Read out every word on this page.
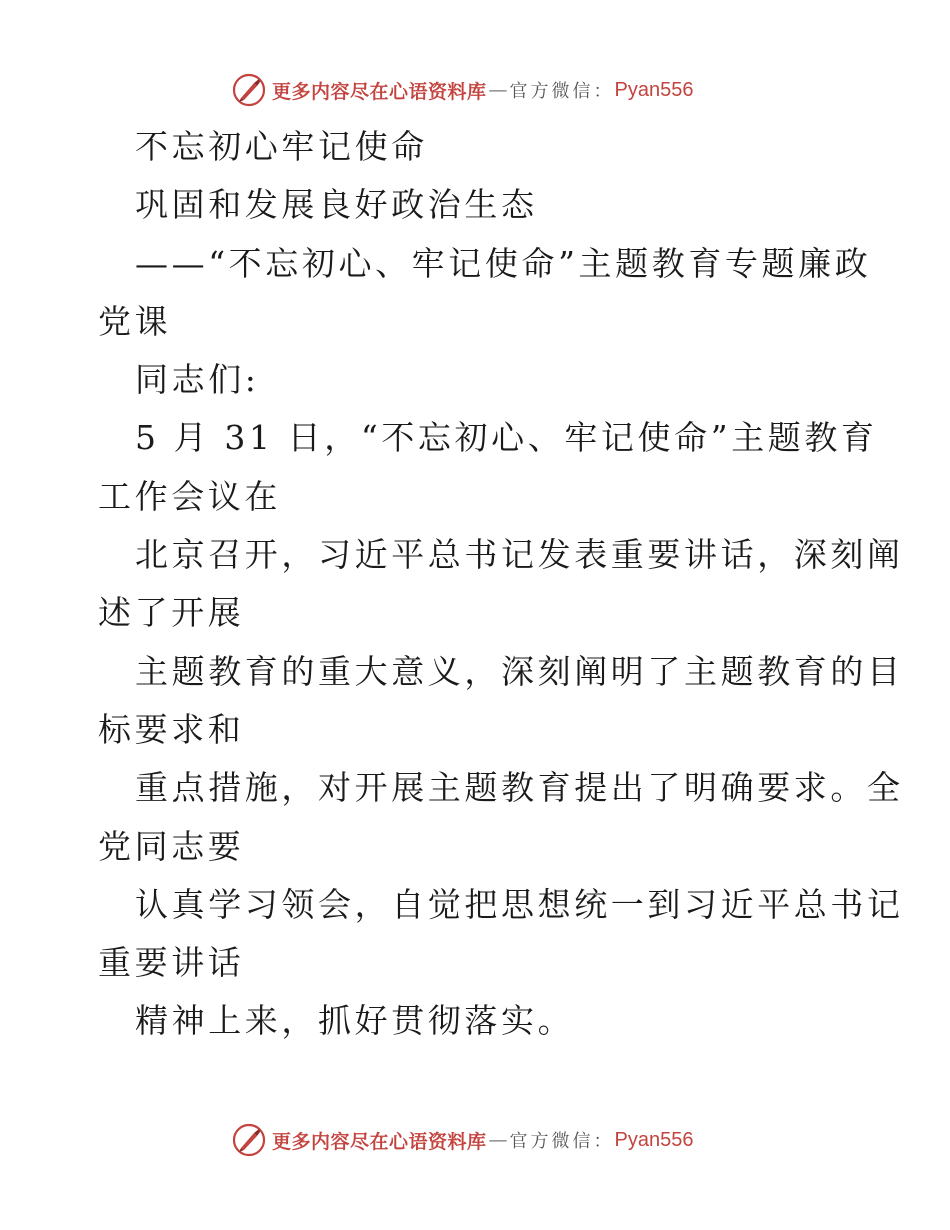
更多内容尽在心语资料库 — 官方微信： Pyan556
不忘初心牢记使命
巩固和发展良好政治生态
——“不忘初心、牢记使命”主题教育专题廉政
党课
同志们:
5 月 31 日，“不忘初心、牢记使命”主题教育
工作会议在
北京召开，习近平总书记发表重要讲话，深刻阐
述了开展
主题教育的重大意义，深刻阐明了主题教育的目
标要求和
重点措施，对开展主题教育提出了明确要求。全
党同志要
认真学习领会，自觉把思想统一到习近平总书记
重要讲话
精神上来，抓好贯彻落实。
更多内容尽在心语资料库 — 官方微信： Pyan556
